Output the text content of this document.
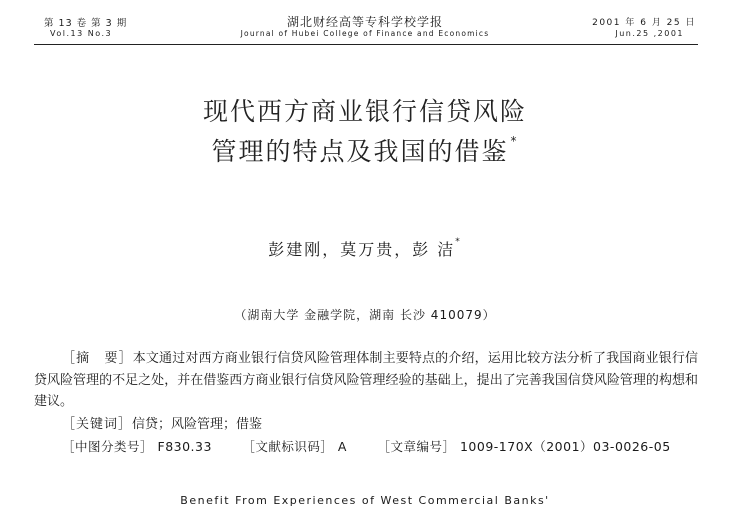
第 13 卷 第 3 期
Vol.13 No.3
湖北财经高等专科学校学报
Journal of Hubei College of Finance and Economics
2001 年 6 月 25 日
Jun.25 ,2001
现代西方商业银行信贷风险
管理的特点及我国的借鉴 *
彭建刚，莫万贵，彭 洁*
（湖南大学 金融学院，湖南 长沙 410079）
［摘　要］本文通过对西方商业银行信贷风险管理体制主要特点的介绍，运用比较方法分析了我国商业银行信贷风险管理的不足之处，并在借鉴西方商业银行信贷风险管理经验的基础上，提出了完善我国信贷风险管理的构想和建议。
［关键词］信贷；风险管理；借鉴
［中图分类号］ F830.33 ［文献标识码］ A ［文章编号］ 1009-170X（2001）03-0026-05
Benefit From Experiences of West Commercial Banks'
